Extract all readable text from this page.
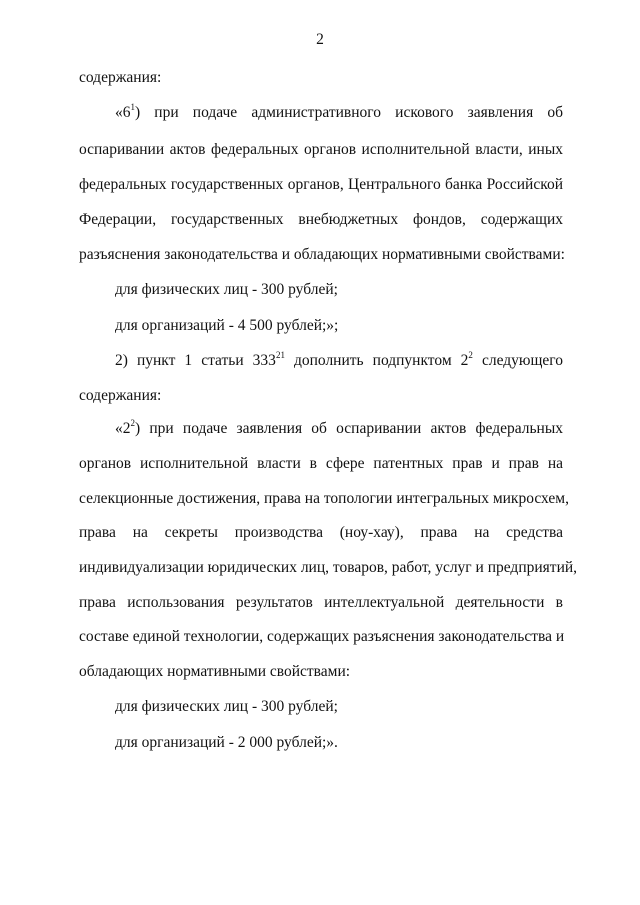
2
содержания:
«$6^1$) при подаче административного искового заявления об
оспаривании актов федеральных органов исполнительной власти, иных
федеральных государственных органов, Центрального банка Российской
Федерации, государственных внебюджетных фондов, содержащих
разъяснения законодательства и обладающих нормативными свойствами:
для физических лиц - 300 рублей;
для организаций - 4 500 рублей;»;
2) пункт 1 статьи $333^{21}$ дополнить подпунктом $2^2$ следующего
содержания:
«$2^2$) при подаче заявления об оспаривании актов федеральных
органов исполнительной власти в сфере патентных прав и прав на
селекционные достижения, права на топологии интегральных микросхем,
права на секреты производства (ноу-хау), права на средства
индивидуализации юридических лиц, товаров, работ, услуг и предприятий,
права использования результатов интеллектуальной деятельности в
составе единой технологии, содержащих разъяснения законодательства и
обладающих нормативными свойствами:
для физических лиц - 300 рублей;
для организаций - 2 000 рублей;».
